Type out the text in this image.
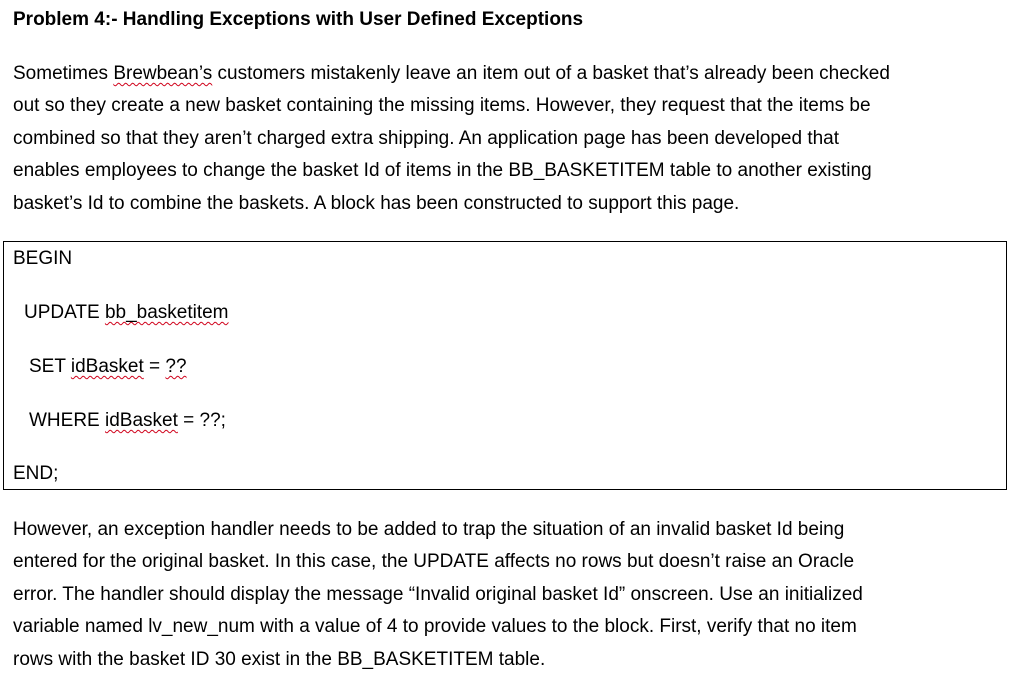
Problem 4:- Handling Exceptions with User Defined Exceptions

Sometimes Brewbean’s customers mistakenly leave an item out of a basket that’s already been checked

out so they create a new basket containing the missing items. However, they request that the items be

combined so that they aren’t charged extra shipping. An application page has been developed that

enables employees to change the basket Id of items in the BB_BASKETITEM table to another existing

basket’s Id to combine the baskets. A block has been constructed to support this page.

BEGIN
UPDATE bb_basketitem
SET idBasket = ??
WHERE idBasket = ??;
END;

However, an exception handler needs to be added to trap the situation of an invalid basket Id being

entered for the original basket. In this case, the UPDATE affects no rows but doesn’t raise an Oracle

error. The handler should display the message “Invalid original basket Id” onscreen. Use an initialized

variable named lv_new_num with a value of 4 to provide values to the block. First, verify that no item

rows with the basket ID 30 exist in the BB_BASKETITEM table.
